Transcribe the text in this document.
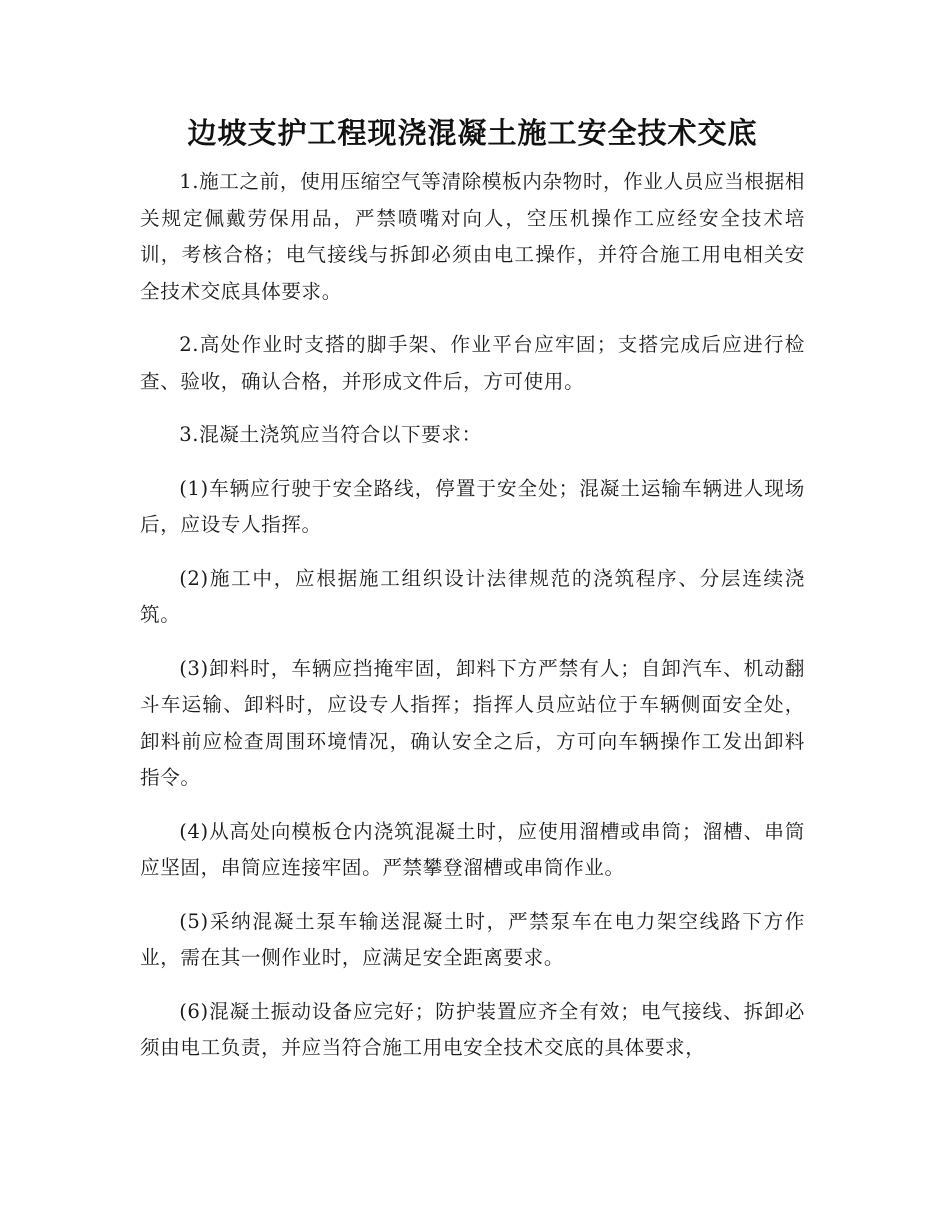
边坡支护工程现浇混凝土施工安全技术交底

1.施工之前，使用压缩空气等清除模板内杂物时，作业人员应当根据相关规定佩戴劳保用品，严禁喷嘴对向人，空压机操作工应经安全技术培训，考核合格；电气接线与拆卸必须由电工操作，并符合施工用电相关安全技术交底具体要求。

2.高处作业时支搭的脚手架、作业平台应牢固；支搭完成后应进行检查、验收，确认合格，并形成文件后，方可使用。

3.混凝土浇筑应当符合以下要求：

(1)车辆应行驶于安全路线，停置于安全处；混凝土运输车辆进人现场后，应设专人指挥。

(2)施工中，应根据施工组织设计法律规范的浇筑程序、分层连续浇筑。

(3)卸料时，车辆应挡掩牢固，卸料下方严禁有人；自卸汽车、机动翻斗车运输、卸料时，应设专人指挥；指挥人员应站位于车辆侧面安全处，卸料前应检查周围环境情况，确认安全之后，方可向车辆操作工发出卸料指令。

(4)从高处向模板仓内浇筑混凝土时，应使用溜槽或串筒；溜槽、串筒应坚固，串筒应连接牢固。严禁攀登溜槽或串筒作业。

(5)采纳混凝土泵车输送混凝土时，严禁泵车在电力架空线路下方作业，需在其一侧作业时，应满足安全距离要求。

(6)混凝土振动设备应完好；防护装置应齐全有效；电气接线、拆卸必须由电工负责，并应当符合施工用电安全技术交底的具体要求，
